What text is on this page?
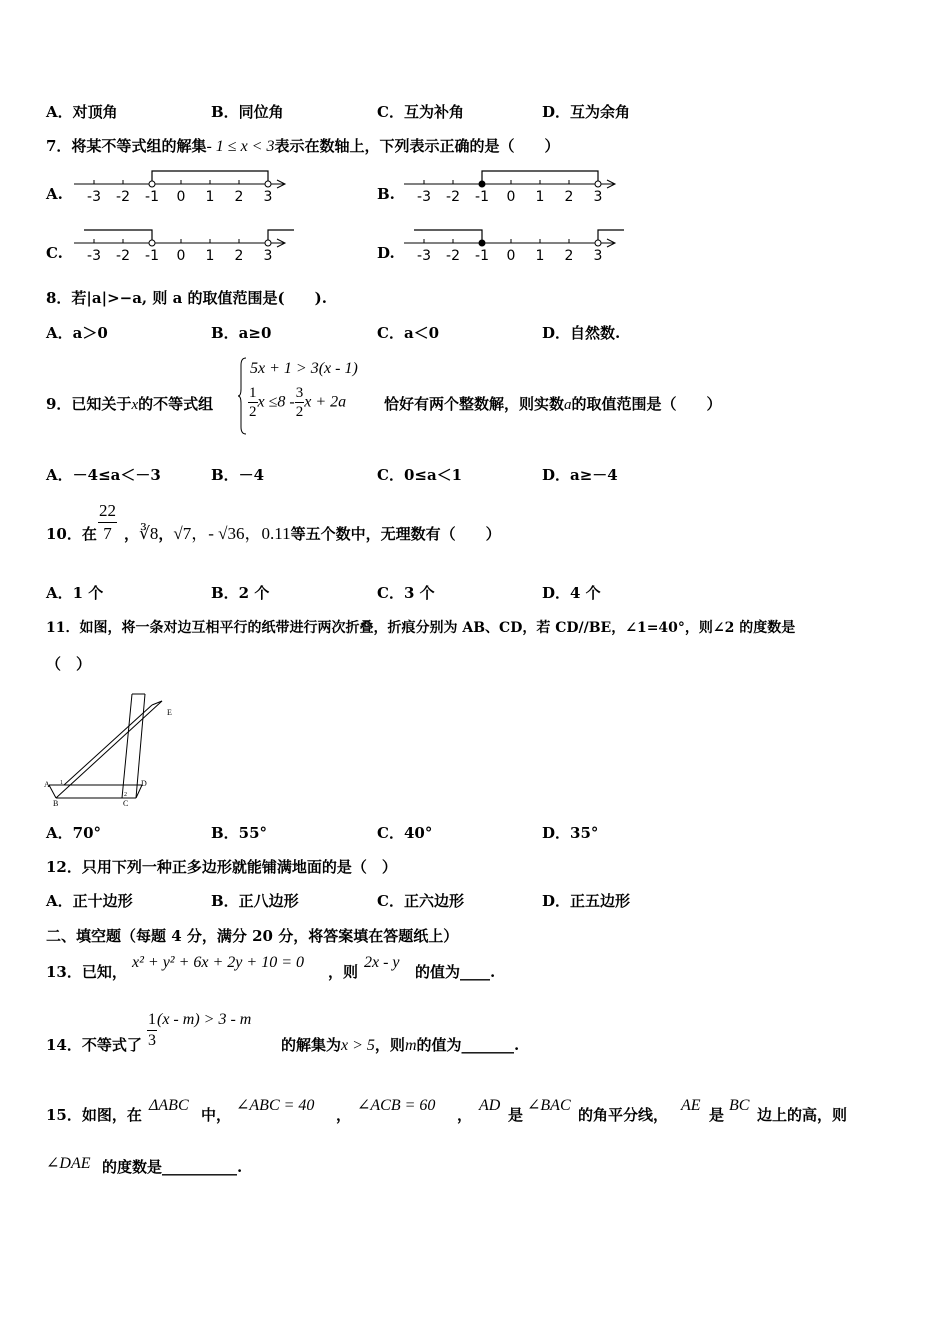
A．对顶角	B．同位角	C．互为补角	D．互为余角
7．将某不等式组的解集- 1 ≤ x < 3表示在数轴上，下列表示正确的是（　　）
A.	B.
C.	D.
-3 -2 -1 0 1 2 3	-3 -2 -1 0 1 2 3
-3 -2 -1 0 1 2 3	-3 -2 -1 0 1 2 3
8．若|a|>−a, 则 a 的取值范围是(　　).
A．a＞0	B．a≥0	C．a＜0	D．自然数.
9．已知关于x的不等式组
5x + 1 > 3(x - 1)
$\frac{1}{2}$ $x \le 8 - \frac{3}{2}$ x + 2a	恰好有两个整数解，则实数a的取值范围是（　　）
A．－4≤a＜－3	B．－4	C．0≤a＜1	D．a≥－4
10．在 $\frac{22}{7}$ ，∛8，√7，- √36，0.11等五个数中，无理数有（　　）
A．1 个	B．2 个	C．3 个	D．4 个
11．如图，将一条对边互相平行的纸带进行两次折叠，折痕分别为 AB、CD，若 CD//BE，∠1=40°，则∠2 的度数是
（　）
A
B	C
D
E
1
2
A．70°	B．55°	C．40°	D．35°
12．只用下列一种正多边形就能铺满地面的是（　）
A．正十边形	B．正八边形	C．正六边形	D．正五边形
二、填空题（每题 4 分，满分 20 分，将答案填在答题纸上）
13．已知，
x² + y² + 6x + 2y + 10 = 0
，则
2x - y
的值为____.
14．不等式了 $\frac{1}{3} (x - m) > 3 - m$
的解集为x > 5，则m的值为_______.
15．如图，在
ΔABC
中，
∠ABC = 40
，
∠ACB = 60
，
AD
是
∠BAC
的角平分线，
AE
是
BC
边上的高，则
∠DAE 的度数是__________.
